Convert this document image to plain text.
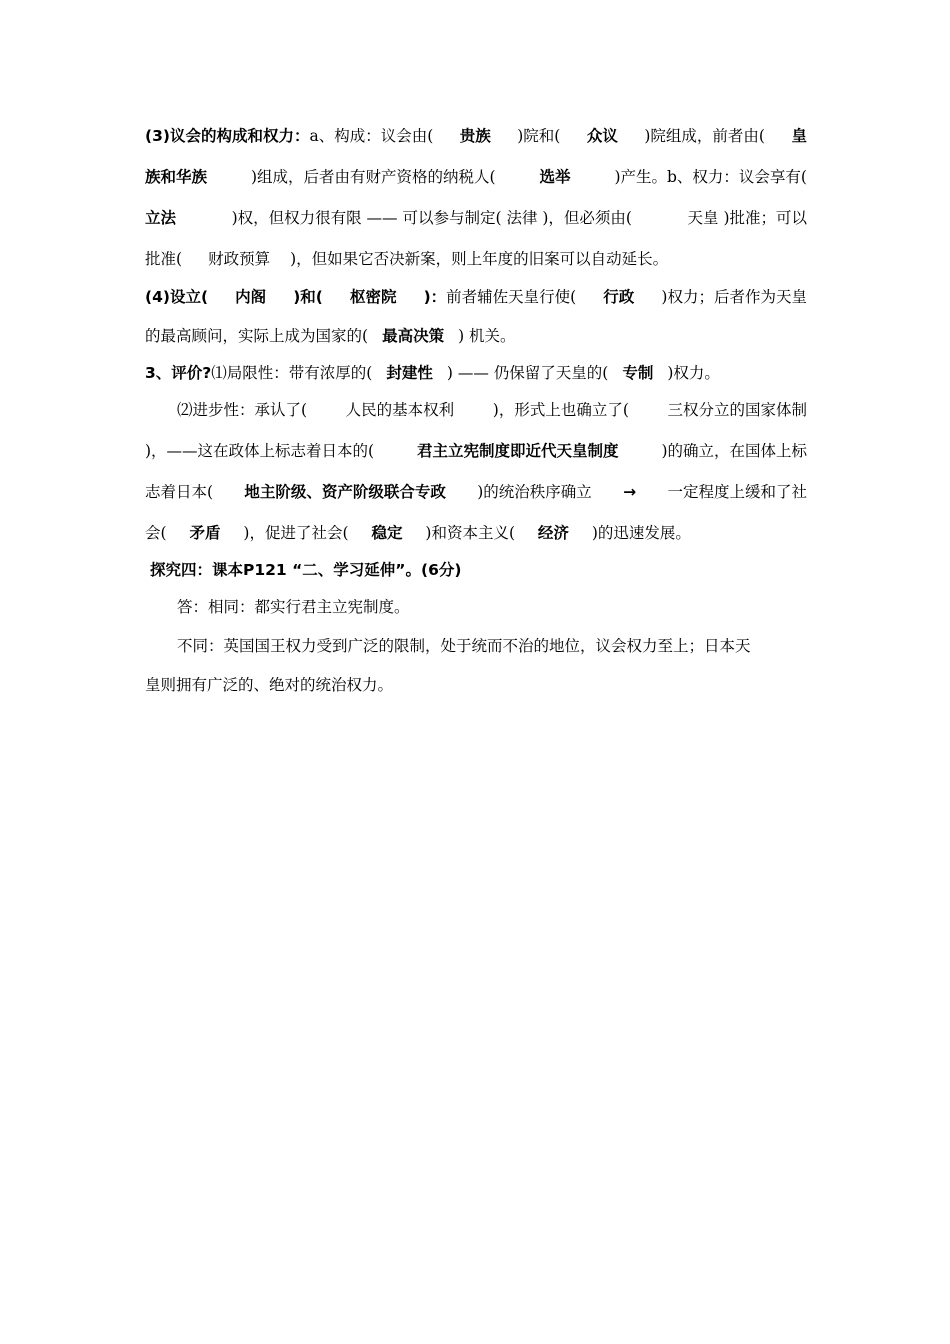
(3)议会的构成和权力：a、构成：议会由( 贵族 )院和( 众议 )院组成，前者由( 皇
族和华族	)组成，后者由有财产资格的纳税人(	选举	)产生。b、权力：议会享有(
立法	)权，但权力很有限 —— 可以参与制定( 法律 )，但必须由(	天皇 )批准；可以
批准( 财政预算 )，但如果它否决新案，则上年度的旧案可以自动延长。
(4)设立( 内阁 )和( 枢密院 )：前者辅佐天皇行使( 行政 )权力；后者作为天皇
的最高顾问，实际上成为国家的( 最高决策 ) 机关。
3、评价?⑴局限性：带有浓厚的( 封建性 ) —— 仍保留了天皇的( 专制 )权力。
⑵进步性：承认了( 人民的基本权利 )，形式上也确立了( 三权分立的国家体制
)，——这在政体上标志着日本的(	君主立宪制度即近代天皇制度	)的确立，在国体上标
志着日本( 地主阶级、资产阶级联合专政 )的统治秩序确立 → 一定程度上缓和了社
会( 矛盾 )，促进了社会( 稳定 )和资本主义( 经济 )的迅速发展。
探究四：课本P121 “二、学习延伸”。(6分)
答：相同：都实行君主立宪制度。
不同：英国国王权力受到广泛的限制，处于统而不治的地位，议会权力至上；日本天
皇则拥有广泛的、绝对的统治权力。
